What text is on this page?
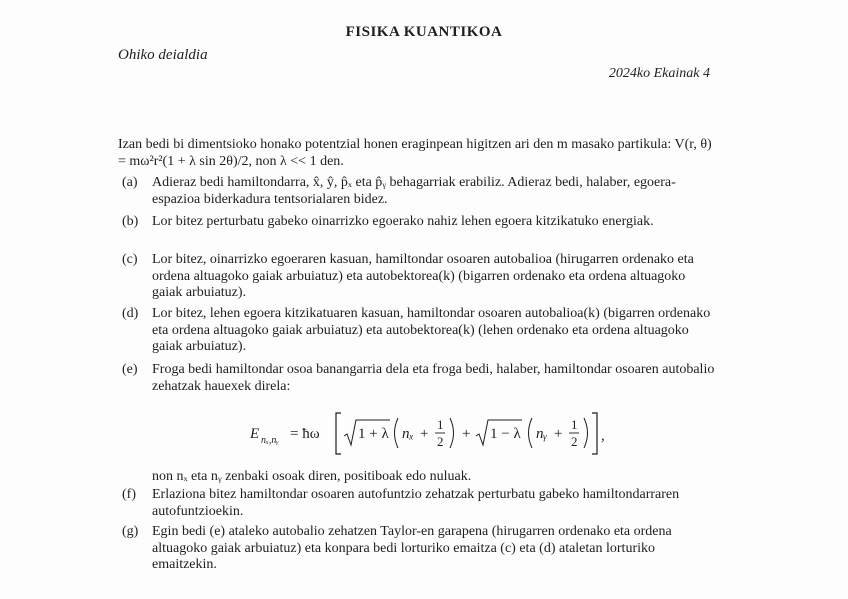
FISIKA KUANTIKOA
Ohiko deialdia
2024ko Ekainak 4
Izan bedi bi dimentsioko honako potentzial honen eraginpean higitzen ari den m masako partikula: V(r, θ) = mω²r²(1 + λ sin 2θ)/2, non λ << 1 den.
(a)	Adieraz bedi hamiltondarra, x̂, ŷ, p̂ₓ eta p̂ᵧ behagarriak erabiliz. Adieraz bedi, halaber, egoera-espazioa biderkadura tentsorialaren bidez.
(b) Lor bitez perturbatu gabeko oinarrizko egoerako nahiz lehen egoera kitzikatuko energiak.
(c)	Lor bitez, oinarrizko egoeraren kasuan, hamiltondar osoaren autobalioa (hirugarren ordenako eta ordena altuagoko gaiak arbuiatuz) eta autobektorea(k) (bigarren ordenako eta ordena altuagoko gaiak arbuiatuz).
(d) Lor bitez, lehen egoera kitzikatuaren kasuan, hamiltondar osoaren autobalioa(k) (bigarren ordenako eta ordena altuagoko gaiak arbuiatuz) eta autobektorea(k) (lehen ordenako eta ordena altuagoko gaiak arbuiatuz).
(e)	Froga bedi hamiltondar osoa banangarria dela eta froga bedi, halaber, hamiltondar osoaren autobalio zehatzak hauexek direla:
E nₓ,nᵧ = ħω	1 + λ nₓ +
1
2 + 1 − λ nᵧ +
1
2 ,
non nₓ eta nᵧ zenbaki osoak diren, positiboak edo nuluak.
(f)	Erlaziona bitez hamiltondar osoaren autofuntzio zehatzak perturbatu gabeko hamiltondarraren autofuntzioekin.
(g) Egin bedi (e) ataleko autobalio zehatzen Taylor-en garapena (hirugarren ordenako eta ordena altuagoko gaiak arbuiatuz) eta konpara bedi lorturiko emaitza (c) eta (d) ataletan lorturiko emaitzekin.
